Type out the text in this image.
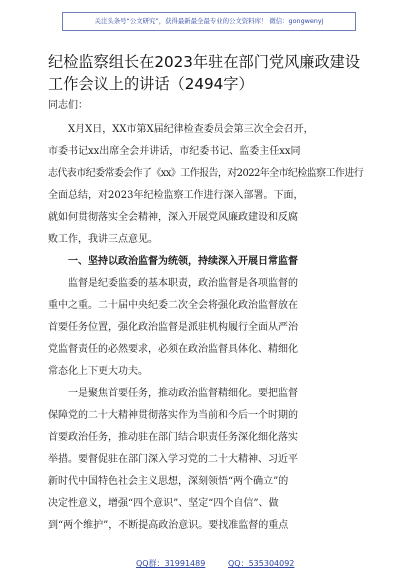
关注头条号“公文研究”，获得最新最全最专业的公文资料库！ 微信：gongwenyj
纪检监察组长在2023年驻在部门党风廉政建设工作会议上的讲话（2494字）
同志们：
X月X日，XX市第X届纪律检查委员会第三次全会召开，
市委书记xx出席全会并讲话，市纪委书记、监委主任xx同
志代表市纪委常委会作了《xx》工作报告，对2022年全市纪检监察工作进行
全面总结，对2023年纪检监察工作进行深入部署。下面，
就如何贯彻落实全会精神，深入开展党风廉政建设和反腐
败工作，我讲三点意见。
一、坚持以政治监督为统领，持续深入开展日常监督
监督是纪委监委的基本职责，政治监督是各项监督的
重中之重。二十届中央纪委二次全会将强化政治监督放在
首要任务位置，强化政治监督是派驻机构履行全面从严治
党监督责任的必然要求，必须在政治监督具体化、精细化
常态化上下更大功夫。
一是聚焦首要任务，推动政治监督精细化。要把监督
保障党的二十大精神贯彻落实作为当前和今后一个时期的
首要政治任务，推动驻在部门结合职责任务深化细化落实
举措。要督促驻在部门深入学习党的二十大精神、习近平
新时代中国特色社会主义思想，深刻领悟“两个确立”的
决定性意义，增强“四个意识”、坚定“四个自信”、做
到“两个维护”，不断提高政治意识。要找准监督的重点
QQ群：31991489	QQ：535304092
